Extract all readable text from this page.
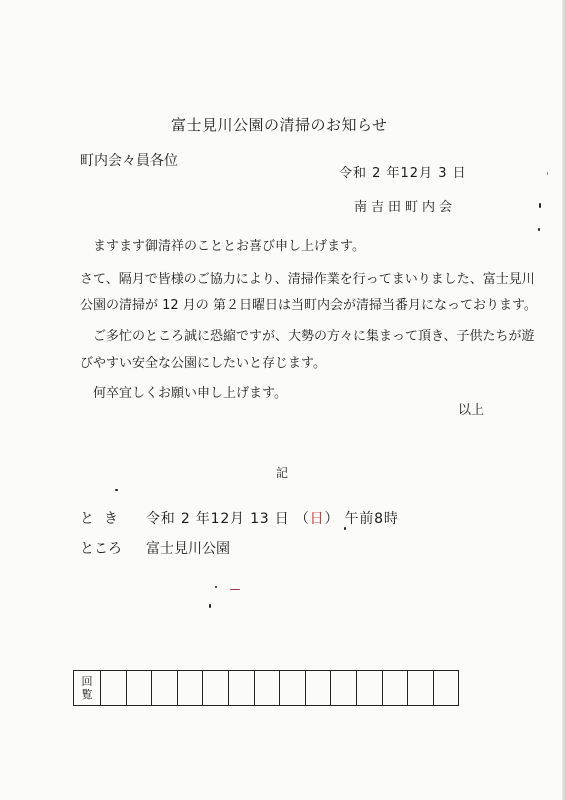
富士見川公園の清掃のお知らせ
町内会々員各位
令和 2 年12月 3 日
南吉田町内会
ますます御清祥のこととお喜び申し上げます。
さて、隔月で皆様のご協力により、清掃作業を行ってまいりました、富士見川
公園の清掃が 12 月の 第２日曜日は当町内会が清掃当番月になっております。
ご多忙のところ誠に恐縮ですが、大勢の方々に集まって頂き、子供たちが遊
びやすい安全な公園にしたいと存じます。
何卒宜しくお願い申し上げます。
以上
記
とき 令和 2 年12月 13 日 （日） 午前8時
ところ 富士見川公園
回
覧														
